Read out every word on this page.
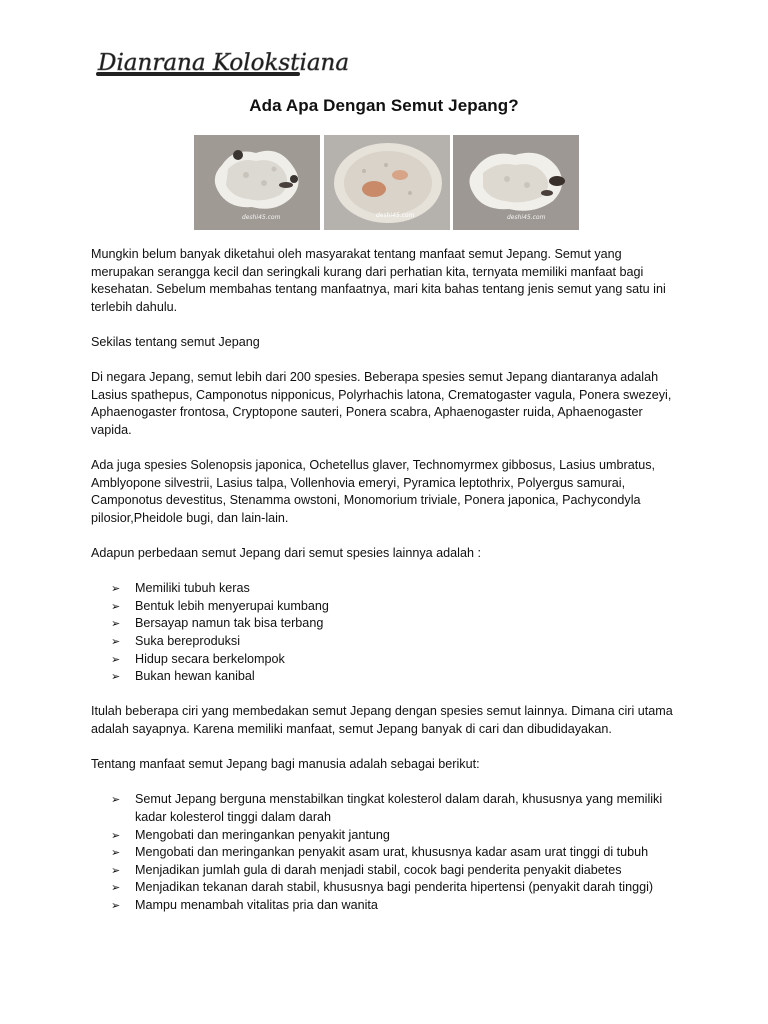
Dianrana Kolokstiana
Ada Apa Dengan Semut Jepang?
deshi45.com	deshi45.com	deshi45.com

Mungkin belum banyak diketahui oleh masyarakat tentang manfaat semut Jepang. Semut yang merupakan serangga kecil dan seringkali kurang dari perhatian kita, ternyata memiliki manfaat bagi kesehatan. Sebelum membahas tentang manfaatnya, mari kita bahas tentang jenis semut yang satu ini terlebih dahulu.

Sekilas tentang semut Jepang

Di negara Jepang, semut lebih dari 200 spesies. Beberapa spesies semut Jepang diantaranya adalah Lasius spathepus, Camponotus nipponicus, Polyrhachis latona, Crematogaster vagula, Ponera swezeyi, Aphaenogaster frontosa, Cryptopone sauteri, Ponera scabra, Aphaenogaster ruida, Aphaenogaster vapida.

Ada juga spesies Solenopsis japonica, Ochetellus glaver, Technomyrmex gibbosus, Lasius umbratus, Amblyopone silvestrii, Lasius talpa, Vollenhovia emeryi, Pyramica leptothrix, Polyergus samurai, Camponotus devestitus, Stenamma owstoni, Monomorium triviale, Ponera japonica, Pachycondyla pilosior,Pheidole bugi, dan lain-lain.

Adapun perbedaan semut Jepang dari semut spesies lainnya adalah :

➢ Memiliki tubuh keras
➢ Bentuk lebih menyerupai kumbang
➢ Bersayap namun tak bisa terbang
➢ Suka bereproduksi
➢ Hidup secara berkelompok
➢ Bukan hewan kanibal

Itulah beberapa ciri yang membedakan semut Jepang dengan spesies semut lainnya. Dimana ciri utama adalah sayapnya. Karena memiliki manfaat, semut Jepang banyak di cari dan dibudidayakan.

Tentang manfaat semut Jepang bagi manusia adalah sebagai berikut:

➢ Semut Jepang berguna menstabilkan tingkat kolesterol dalam darah, khususnya yang memiliki kadar kolesterol tinggi dalam darah
➢ Mengobati dan meringankan penyakit jantung
➢ Mengobati dan meringankan penyakit asam urat, khususnya kadar asam urat tinggi di tubuh
➢ Menjadikan jumlah gula di darah menjadi stabil, cocok bagi penderita penyakit diabetes
➢ Menjadikan tekanan darah stabil, khususnya bagi penderita hipertensi (penyakit darah tinggi)
➢ Mampu menambah vitalitas pria dan wanita
